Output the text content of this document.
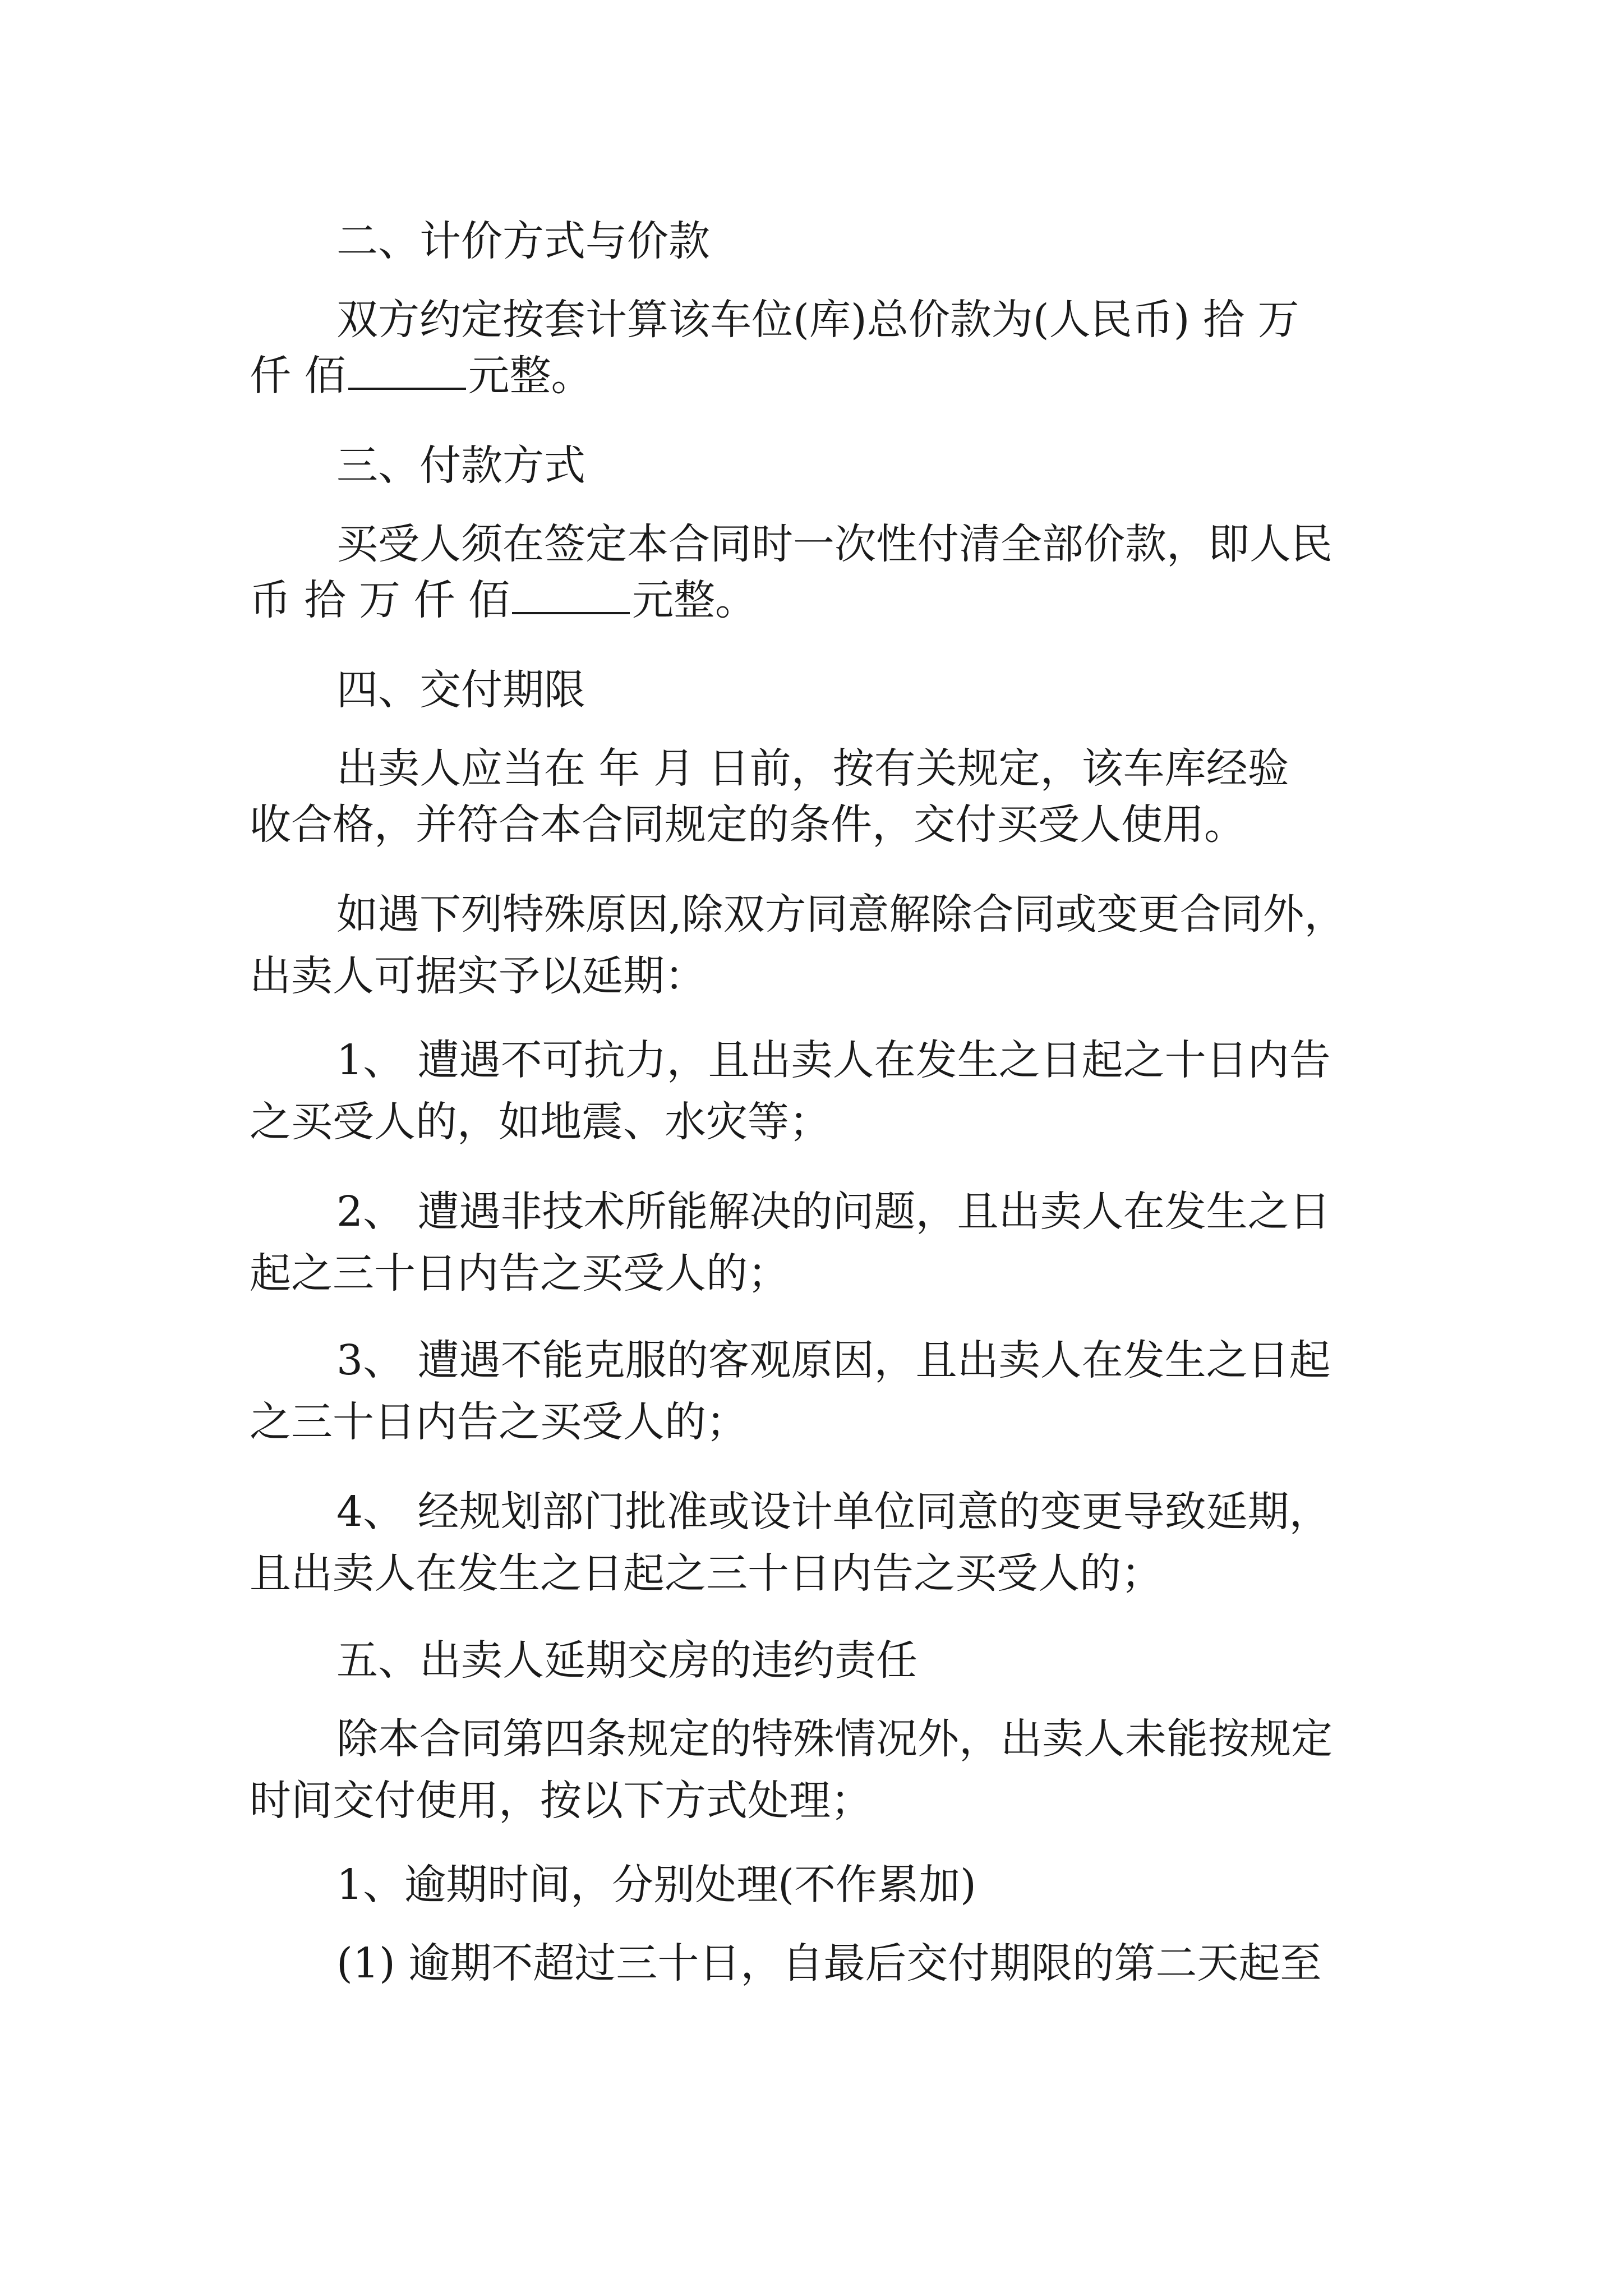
二、计价方式与价款

双方约定按套计算该车位(库)总价款为(人民币) 拾 万

仟 佰	元整。

三、付款方式

买受人须在签定本合同时一次性付清全部价款，即人民

币 拾 万 仟 佰	元整。

四、交付期限

出卖人应当在 年 月 日前，按有关规定，该车库经验

收合格，并符合本合同规定的条件，交付买受人使用。

如遇下列特殊原因,除双方同意解除合同或变更合同外，

出卖人可据实予以延期：

1、 遭遇不可抗力，且出卖人在发生之日起之十日内告

之买受人的，如地震、水灾等；

2、 遭遇非技术所能解决的问题，且出卖人在发生之日

起之三十日内告之买受人的；

3、 遭遇不能克服的客观原因，且出卖人在发生之日起

之三十日内告之买受人的；

4、 经规划部门批准或设计单位同意的变更导致延期，

且出卖人在发生之日起之三十日内告之买受人的；

五、出卖人延期交房的违约责任

除本合同第四条规定的特殊情况外，出卖人未能按规定

时间交付使用，按以下方式处理；

1、逾期时间，分别处理(不作累加)

(1) 逾期不超过三十日，自最后交付期限的第二天起至
